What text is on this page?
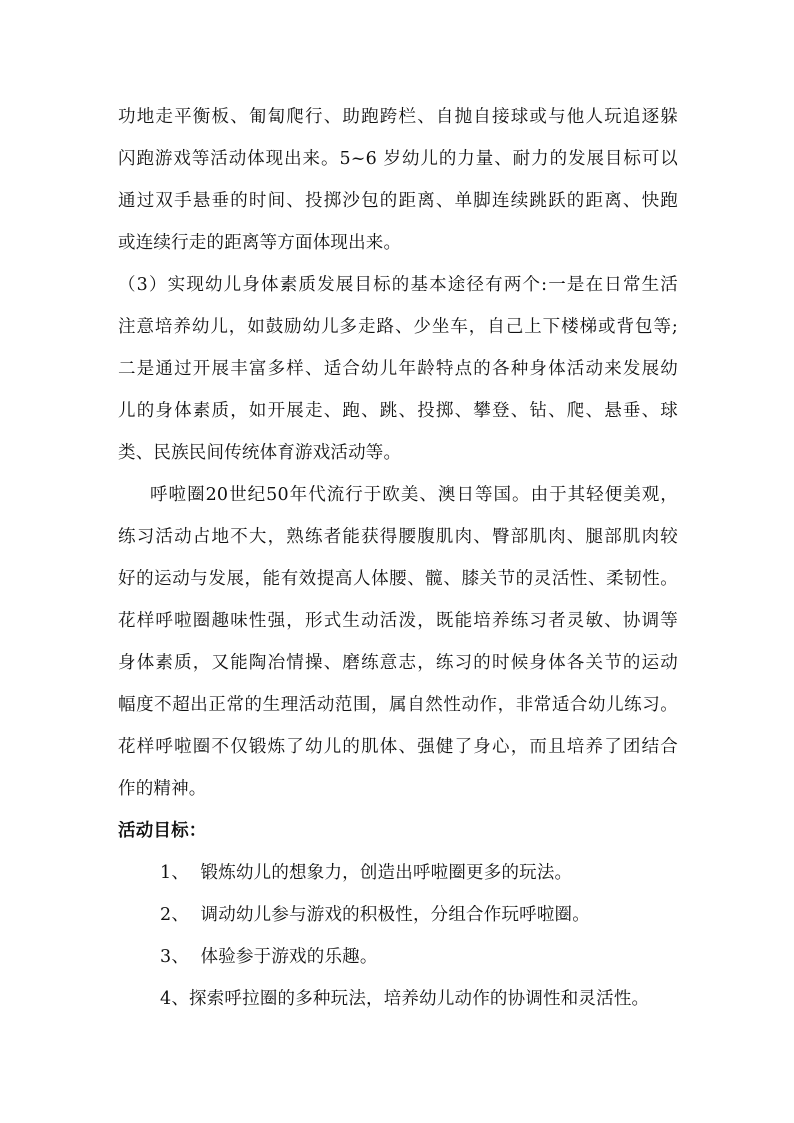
功地走平衡板、匍匐爬行、助跑跨栏、自抛自接球或与他人玩追逐躲
闪跑游戏等活动体现出来。5~6 岁幼儿的力量、耐力的发展目标可以
通过双手悬垂的时间、投掷沙包的距离、单脚连续跳跃的距离、快跑
或连续行走的距离等方面体现出来。
（3）实现幼儿身体素质发展目标的基本途径有两个:一是在日常生活
注意培养幼儿，如鼓励幼儿多走路、少坐车，自己上下楼梯或背包等;
二是通过开展丰富多样、适合幼儿年龄特点的各种身体活动来发展幼
儿的身体素质，如开展走、跑、跳、投掷、攀登、钻、爬、悬垂、球
类、民族民间传统体育游戏活动等。
呼啦圈20世纪50年代流行于欧美、澳日等国。由于其轻便美观，
练习活动占地不大，熟练者能获得腰腹肌肉、臀部肌肉、腿部肌肉较
好的运动与发展，能有效提高人体腰、髋、膝关节的灵活性、柔韧性。
花样呼啦圈趣味性强，形式生动活泼，既能培养练习者灵敏、协调等
身体素质，又能陶冶情操、磨练意志，练习的时候身体各关节的运动
幅度不超出正常的生理活动范围，属自然性动作，非常适合幼儿练习。
花样呼啦圈不仅锻炼了幼儿的肌体、强健了身心，而且培养了团结合
作的精神。
活动目标：
1、  锻炼幼儿的想象力，创造出呼啦圈更多的玩法。
2、  调动幼儿参与游戏的积极性，分组合作玩呼啦圈。
3、  体验参于游戏的乐趣。
4、探索呼拉圈的多种玩法，培养幼儿动作的协调性和灵活性。
